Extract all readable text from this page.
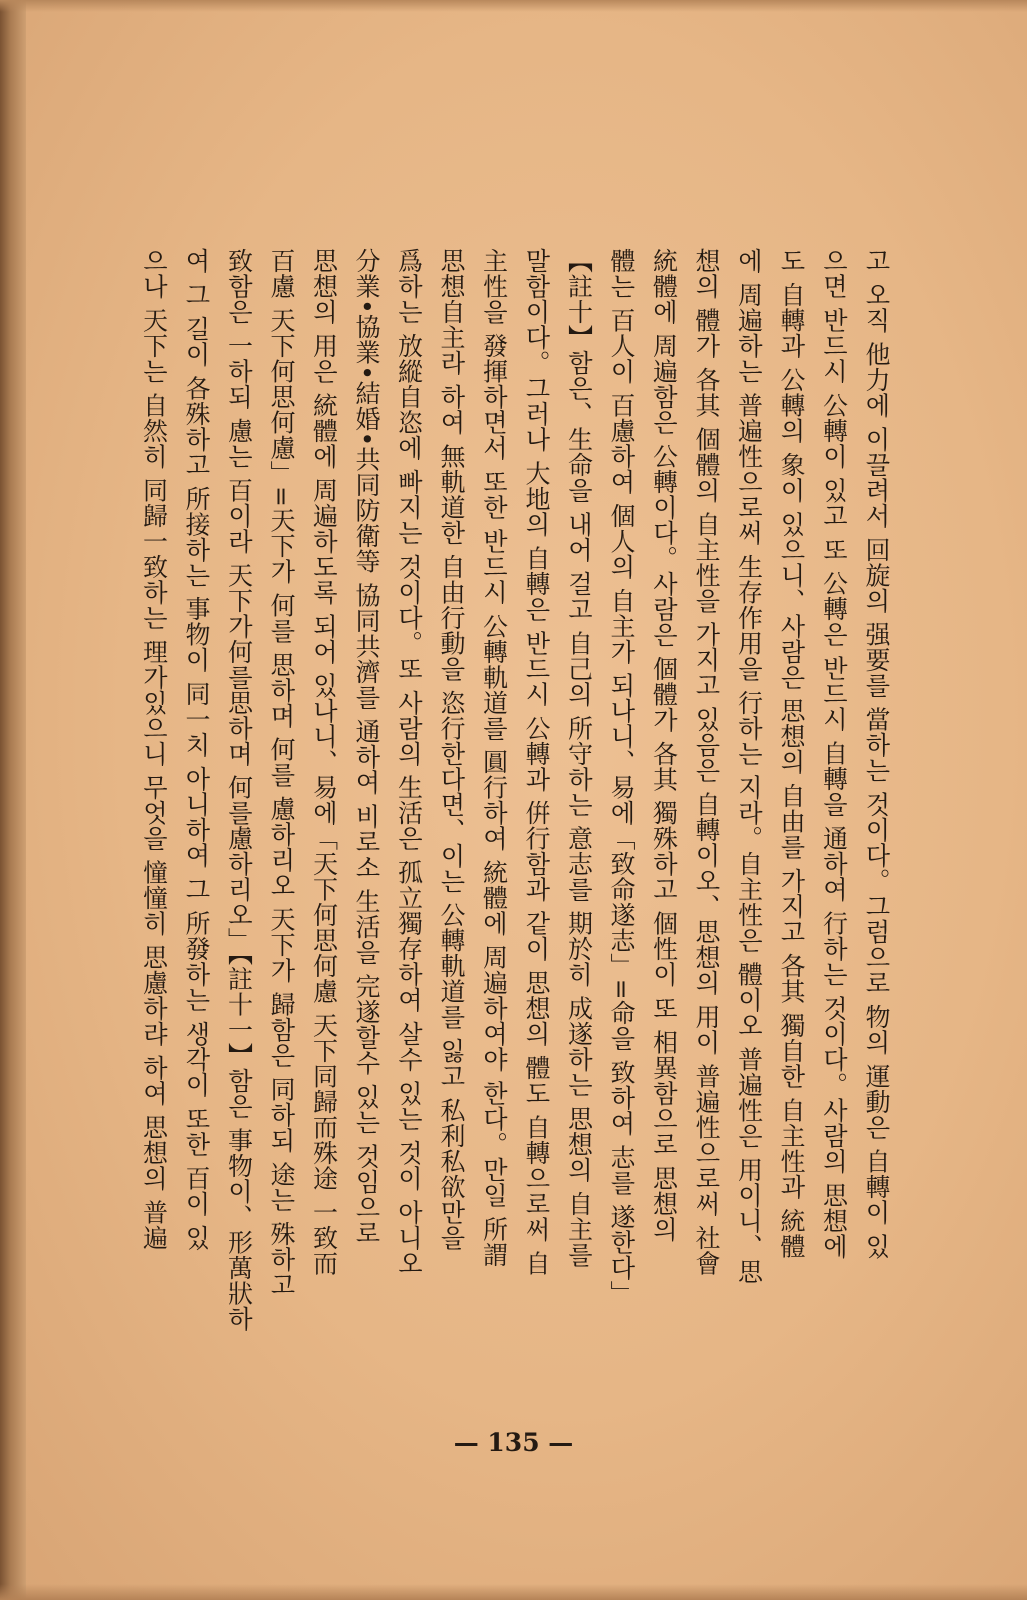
고 오직 他力에 이끌려서 回旋의 强要를 當하는 것이다。그럼으로 物의 運動은 自轉이 있
으면 반드시 公轉이 있고 또 公轉은 반드시 自轉을 通하여 行하는 것이다。사람의 思想에
도 自轉과 公轉의 象이 있으니、사람은 思想의 自由를 가지고 各其 獨自한 自主性과 統體
에 周遍하는 普遍性으로써 生存作用을 行하는 지라。自主性은 體이오 普遍性은 用이니、思
想의 體가 各其 個體의 自主性을 가지고 있음은 自轉이오、思想의 用이 普遍性으로써 社會
統體에 周遍함은 公轉이다。사람은 個體가 各其 獨殊하고 個性이 또 相異함으로 思想의
體는 百人이 百慮하여 個人의 自主가 되나니、易에「致命遂志」=命을 致하여 志를 遂한다」
【註十】함은、生命을 내어 걸고 自己의 所守하는 意志를 期於히 成遂하는 思想의 自主를
말함이다。그러나 大地의 自轉은 반드시 公轉과 倂行함과 같이 思想의 體도 自轉으로써 自
主性을 發揮하면서 또한 반드시 公轉軌道를 圓行하여 統體에 周遍하여야 한다。만일 所謂
思想自主라 하여 無軌道한 自由行動을 恣行한다면、이는 公轉軌道를 잃고 私利私欲만을
爲하는 放縱自恣에 빠지는 것이다。또 사람의 生活은 孤立獨存하여 살수 있는 것이 아니오
分業•協業•結婚•共同防衛等 協同共濟를 通하여 비로소 生活을 完遂할수 있는 것임으로
思想의 用은 統體에 周遍하도록 되어 있나니、易에「天下何思何慮 天下同歸而殊途 一致而
百慮 天下何思何慮」=天下가 何를 思하며 何를 慮하리오 天下가 歸함은 同하되 途는 殊하고
致함은 一하되 慮는 百이라 天下가何를思하며 何를慮하리오」【註十一】함은 事物이、形萬狀하
여 그 길이 各殊하고 所接하는 事物이 同一치 아니하여 그 所發하는 생각이 또한 百이 있
으나 天下는 自然히 同歸一致하는 理가있으니 무엇을 憧憧히 思慮하랴 하여 思想의 普遍
— 135 —
